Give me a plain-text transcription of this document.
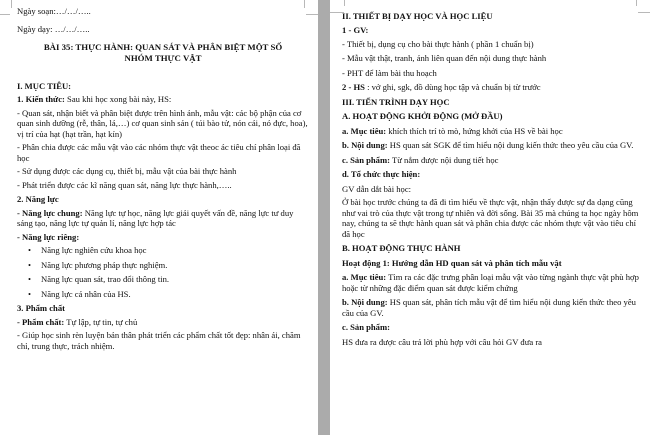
Ngày soạn:…/…/…..

Ngày dạy: …/…/…..

BÀI 35: THỰC HÀNH: QUAN SÁT VÀ PHÂN BIỆT MỘT SỐ

NHÓM THỰC VẬT

I. MỤC TIÊU:

1. Kiến thức: Sau khi học xong bài này, HS:

- Quan sát, nhận biết và phân biệt được trên hình ảnh, mẫu vật: các bộ phận của cơ quan sinh dưỡng (rễ, thân, lá,…) cơ quan sinh sản ( túi bào tử, nón cái, nó đực, hoa), vị trí của hạt (hạt trần, hạt kín)

- Phân chia được các mẫu vật vào các nhóm thực vật theoc ác tiêu chí phân loại đã học

- Sử dụng được các dụng cụ, thiết bị, mẫu vật của bài thực hành

- Phát triển được các kĩ năng quan sát, năng lực thực hành,…..

2. Năng lực

- Năng lực chung: Năng lực tự học, năng lực giải quyết vấn đề, năng lực tư duy sáng tạo, năng lực tự quản lí, năng lực hợp tác

- Năng lực riêng:

• Năng lực nghiên cứu khoa học
• Năng lực phương pháp thực nghiệm.
• Năng lực quan sát, trao đổi thông tin.
• Năng lực cá nhân của HS.

3. Phẩm chất

- Phẩm chất: Tự lập, tự tin, tự chủ

- Giúp học sinh rèn luyện bản thân phát triển các phẩm chất tốt đẹp: nhân ái, chăm chỉ, trung thực, trách nhiệm.

II. THIẾT BỊ DẠY HỌC VÀ HỌC LIỆU

1 - GV:

- Thiết bị, dụng cụ cho bài thực hành ( phần 1 chuẩn bị)

- Mẫu vật thật, tranh, ảnh liên quan đến nội dung thực hành

- PHT để làm bài thu hoạch

2 - HS : vở ghi, sgk, đồ dùng học tập và chuẩn bị từ trước

III. TIẾN TRÌNH DẠY HỌC

A. HOẠT ĐỘNG KHỞI ĐỘNG (MỞ ĐẦU)

a. Mục tiêu: khích thích trí tò mò, hứng khởi của HS về bài học

b. Nội dung: HS quan sát SGK để tìm hiểu nội dung kiến thức theo yêu cầu của GV.

c. Sản phẩm: Từ nắm được nội dung tiết học

d. Tổ chức thực hiện:

GV dẫn dắt bài học:

Ở bài học trước chúng ta đã đi tìm hiểu về thực vật, nhận thấy được sự đa dạng cũng như vai trò của thực vật trong tự nhiên và đời sống. Bài 35 mà chúng ta học ngày hôm nay, chúng ta sẽ thực hành quan sát và phân chia được các nhóm thực vật vào tiêu chí đã học

B. HOẠT ĐỘNG THỰC HÀNH

Hoạt động 1: Hướng dẫn HD quan sát và phân tích mẫu vật

a. Mục tiêu: Tìm ra các đặc trưng phân loại mẫu vật vào từng ngành thực vật phù hợp hoặc từ những đặc điểm quan sát được kiểm chứng

b. Nội dung: HS quan sát, phân tích mẫu vật để tìm hiểu nội dung kiến thức theo yêu cầu của GV.

c. Sản phẩm:

HS đưa ra được câu trả lời phù hợp với câu hỏi GV đưa ra
